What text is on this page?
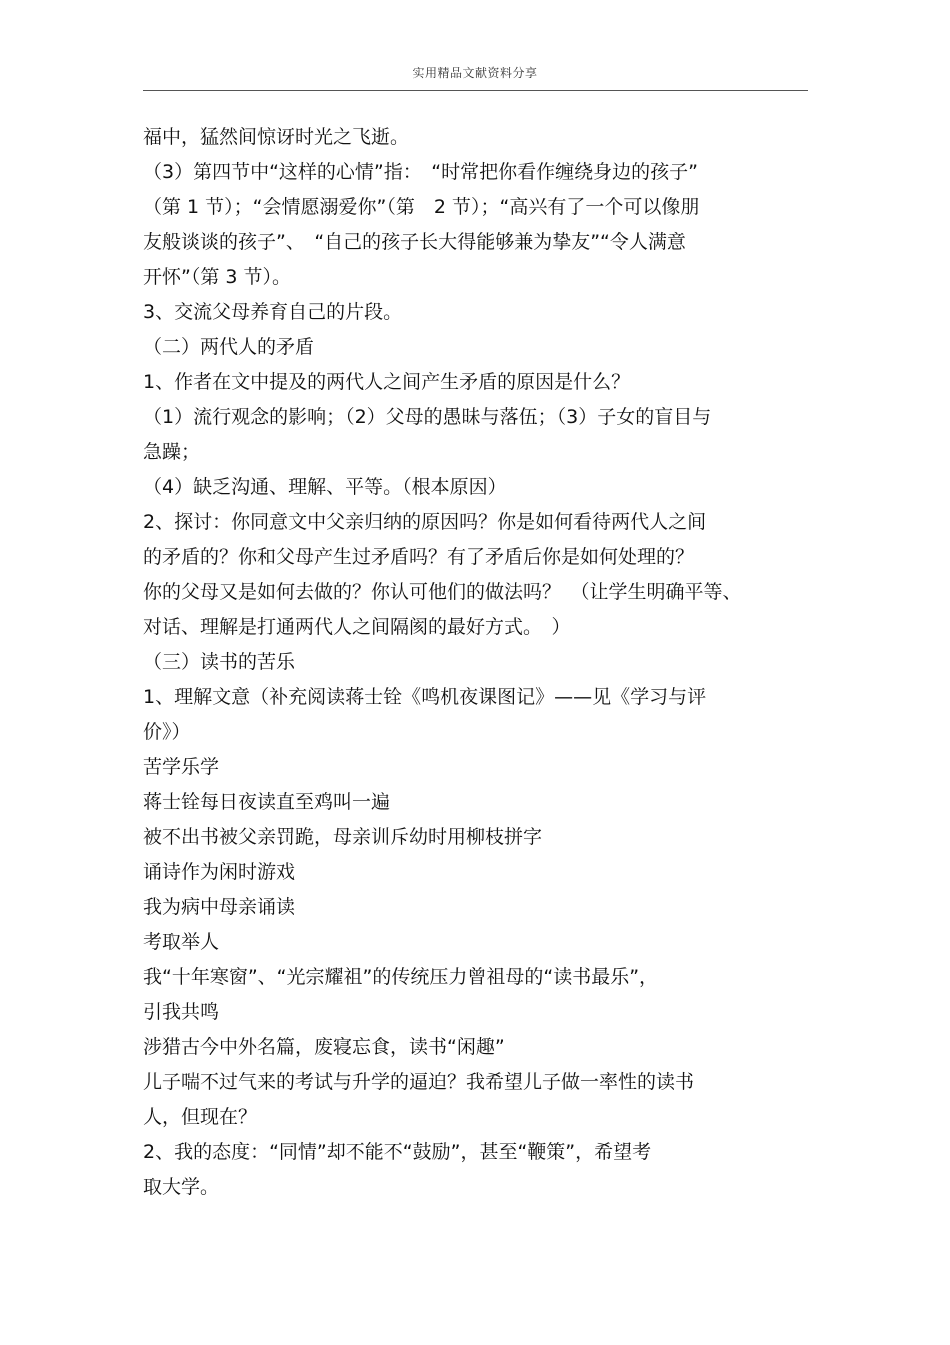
实用精品文献资料分享
福中，猛然间惊讶时光之飞逝。
（3）第四节中“这样的心情”指：　“时常把你看作缠绕身边的孩子”
（第 1 节）；“会情愿溺爱你”（第　2 节）；“高兴有了一个可以像朋
友般谈谈的孩子”、　“自己的孩子长大得能够兼为挚友”“令人满意
开怀”（第 3 节）。
3、交流父母养育自己的片段。
（二）两代人的矛盾
1、作者在文中提及的两代人之间产生矛盾的原因是什么？
（1）流行观念的影响；（2）父母的愚昧与落伍；（3）子女的盲目与
急躁；
（4）缺乏沟通、理解、平等。（根本原因）
2、探讨：你同意文中父亲归纳的原因吗？你是如何看待两代人之间
的矛盾的？你和父母产生过矛盾吗？有了矛盾后你是如何处理的？
你的父母又是如何去做的？你认可他们的做法吗？　（让学生明确平等、
对话、理解是打通两代人之间隔阂的最好方式。　）
（三）读书的苦乐
1、理解文意（补充阅读蒋士铨《鸣机夜课图记》——见《学习与评
价》）
苦学乐学
蒋士铨每日夜读直至鸡叫一遍
被不出书被父亲罚跪，母亲训斥幼时用柳枝拼字
诵诗作为闲时游戏
我为病中母亲诵读
考取举人
我“十年寒窗”、“光宗耀祖”的传统压力曾祖母的“读书最乐”，
引我共鸣
涉猎古今中外名篇，废寝忘食，读书“闲趣”
儿子喘不过气来的考试与升学的逼迫？我希望儿子做一率性的读书
人，但现在？
2、我的态度：“同情”却不能不“鼓励”，甚至“鞭策”，希望考
取大学。
